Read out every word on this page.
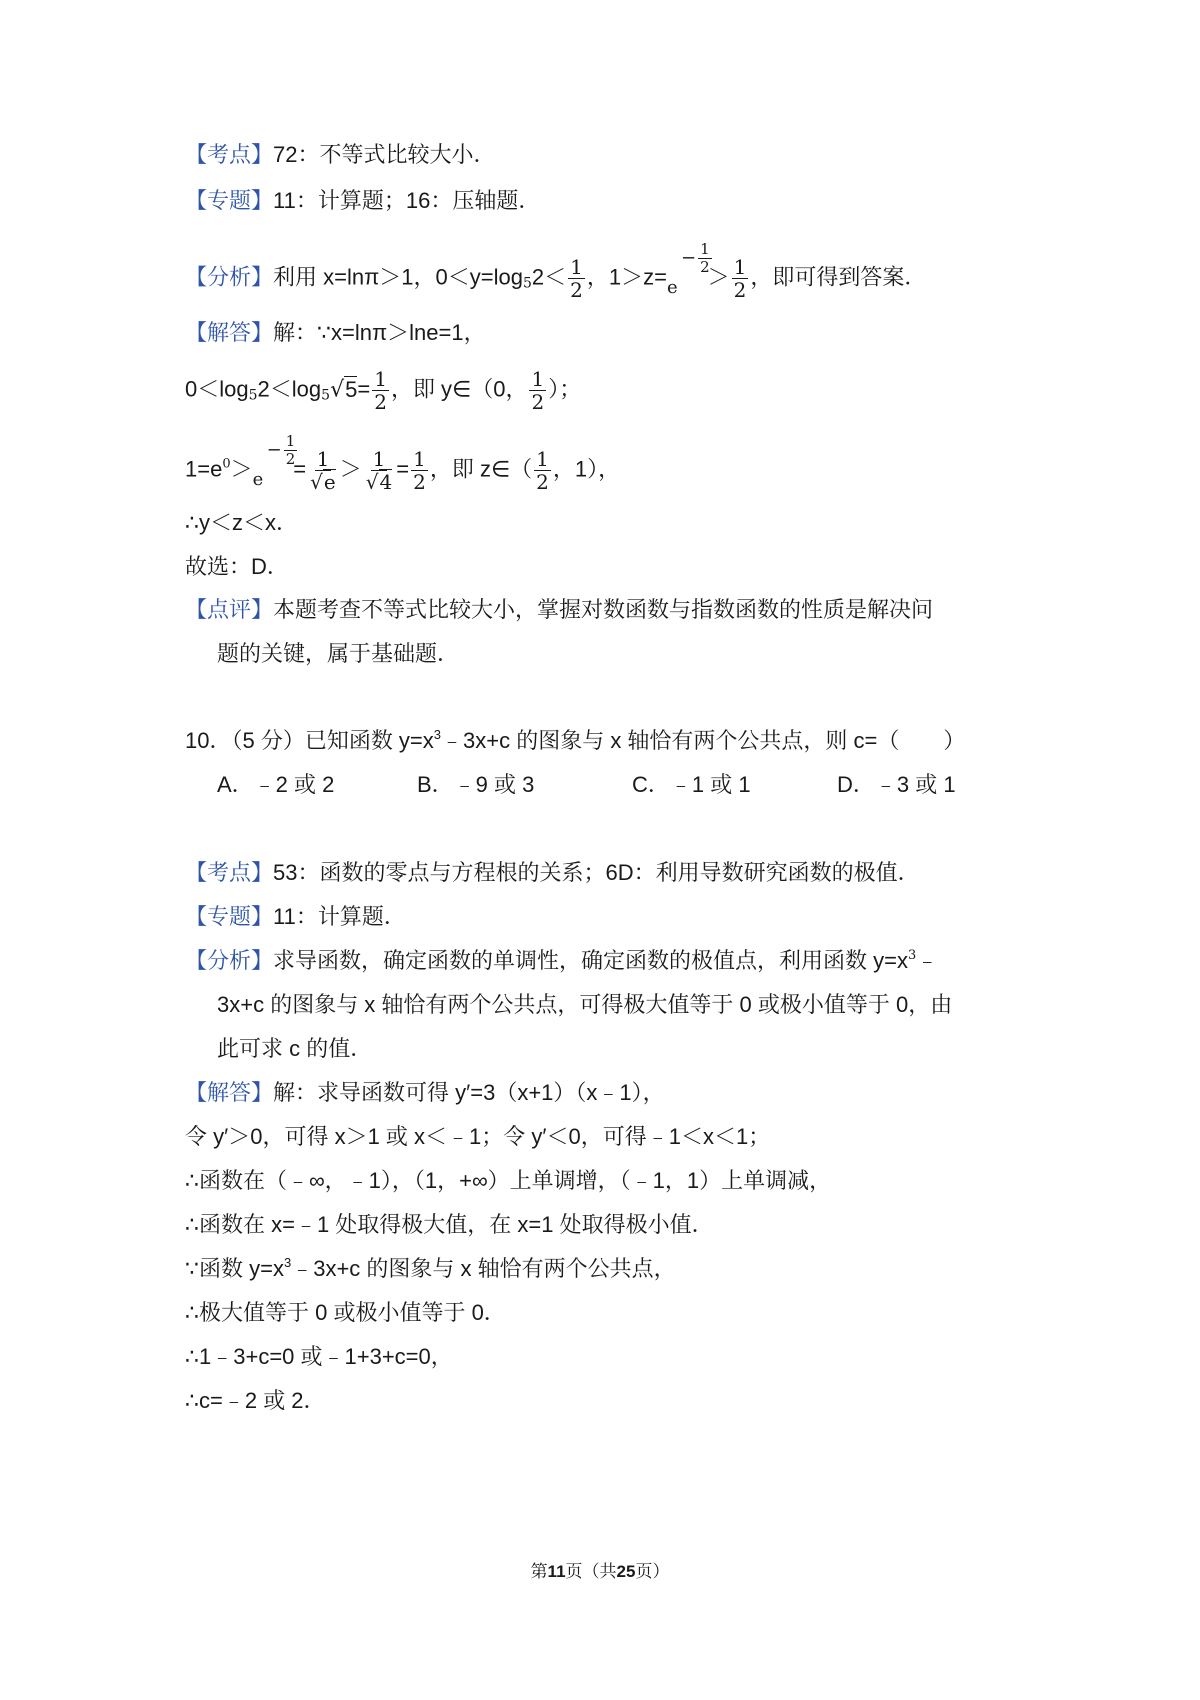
【考点】72：不等式比较大小．
【专题】11：计算题；16：压轴题．
【分析】利用 x=lnπ＞1，$0<y=\log_52< \frac{1}{2}$ ，1＞z=e
− $\frac{1}{2}$
＞ $\frac{1}{2}$ ，即可得到答案．
【解答】解：∵x=lnπ＞lne=1，
$0<\log_52<\log_5√5= \frac{1}{2}$ ，即 y∈（0， $\frac{1}{2}$ ）；
$1=e^0>e$
− $\frac{1}{2}$
= $\frac{1}{√e} > \frac{1}{√4} = \frac{1}{2}$ ，即 z∈（ $\frac{1}{2}$ ，1），
∴y＜z＜x．
故选：D．
【点评】本题考查不等式比较大小，掌握对数函数与指数函数的性质是解决问
题的关键，属于基础题．
10．（5 分）已知函数 $y=x^3﹣3x+c$ 的图象与 x 轴恰有两个公共点，则 c=（　　）
A．﹣2 或 2	B．﹣9 或 3	C．﹣1 或 1	D．﹣3 或 1
【考点】53：函数的零点与方程根的关系；6D：利用导数研究函数的极值．
【专题】11：计算题．
【分析】求导函数，确定函数的单调性，确定函数的极值点，利用函数 $y=x^3﹣$
3x+c 的图象与 x 轴恰有两个公共点，可得极大值等于 0 或极小值等于 0，由
此可求 c 的值．
【解答】解：求导函数可得 y′=3（x+1）（x﹣1），
令 y′＞0，可得 x＞1 或 x＜﹣1；令 y′＜0，可得﹣1＜x＜1；
∴函数在（﹣∞，﹣1），（1，+∞）上单调增，（﹣1，1）上单调减，
∴函数在 x=﹣1 处取得极大值，在 x=1 处取得极小值．
∵函数 $y=x^3﹣3x+c$ 的图象与 x 轴恰有两个公共点，
∴极大值等于 0 或极小值等于 0．
∴1﹣3+c=0 或﹣1+3+c=0，
∴c=﹣2 或 2．
第11页（共25页）
